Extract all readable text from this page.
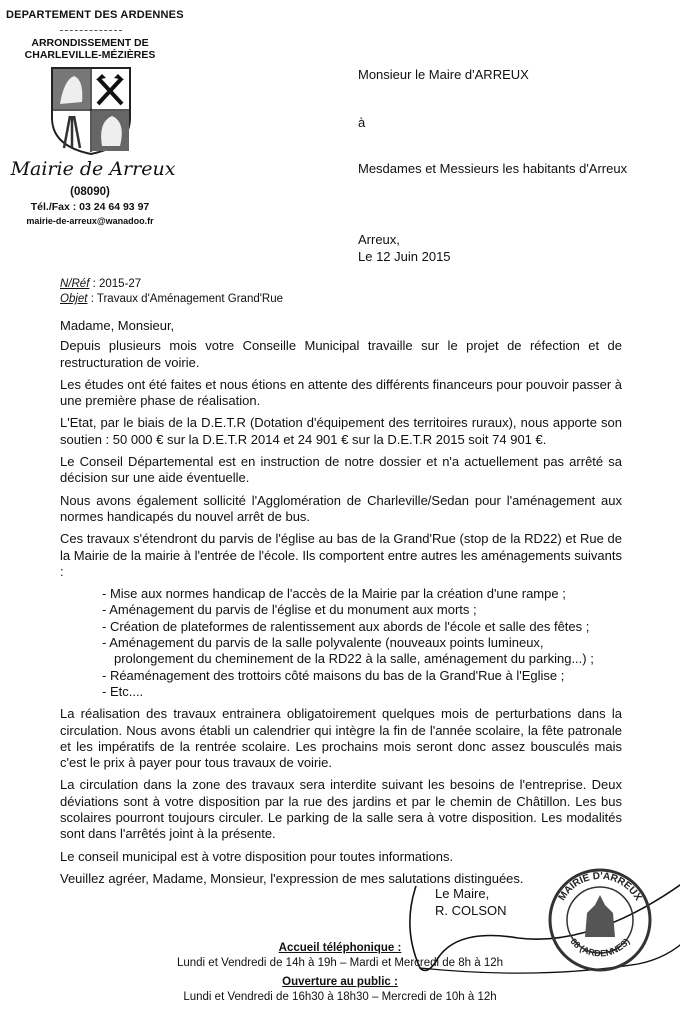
DEPARTEMENT DES ARDENNES
ARRONDISSEMENT DE
CHARLEVILLE-MÉZIÈRES
Mairie de Arreux
(08090)
Tél./Fax : 03 24 64 93 97
mairie-de-arreux@wanadoo.fr
Monsieur le Maire d'ARREUX
à
Mesdames et Messieurs les habitants d'Arreux
Arreux,
Le 12 Juin 2015
N/Réf : 2015-27
Objet : Travaux d'Aménagement Grand'Rue

Madame, Monsieur,

Depuis plusieurs mois votre Conseille Municipal travaille sur le projet de réfection et de restructuration de voirie.

Les études ont été faites et nous étions en attente des différents financeurs pour pouvoir passer à une première phase de réalisation.

L'Etat, par le biais de la D.E.T.R (Dotation d'équipement des territoires ruraux), nous apporte son soutien : 50 000 € sur la D.E.T.R 2014 et 24 901 € sur la D.E.T.R 2015 soit 74 901 €.

Le Conseil Départemental est en instruction de notre dossier et n'a actuellement pas arrêté sa décision sur une aide éventuelle.

Nous avons également sollicité l'Agglomération de Charleville/Sedan pour l'aménagement aux normes handicapés du nouvel arrêt de bus.

Ces travaux s'étendront du parvis de l'église au bas de la Grand'Rue (stop de la RD22) et Rue de la Mairie de la mairie à l'entrée de l'école. Ils comportent entre autres les aménagements suivants :

- Mise aux normes handicap de l'accès de la Mairie par la création d'une rampe ;
- Aménagement du parvis de l'église et du monument aux morts ;
- Création de plateformes de ralentissement aux abords de l'école et salle des fêtes ;
- Aménagement du parvis de la salle polyvalente (nouveaux points lumineux,
prolongement du cheminement de la RD22 à la salle, aménagement du parking...) ;
- Réaménagement des trottoirs côté maisons du bas de la Grand'Rue à l'Eglise ;
- Etc....

La réalisation des travaux entrainera obligatoirement quelques mois de perturbations dans la circulation. Nous avons établi un calendrier qui intègre la fin de l'année scolaire, la fête patronale et les impératifs de la rentrée scolaire. Les prochains mois seront donc assez bousculés mais c'est le prix à payer pour tous travaux de voirie.

La circulation dans la zone des travaux sera interdite suivant les besoins de l'entreprise. Deux déviations sont à votre disposition par la rue des jardins et par le chemin de Châtillon. Les bus scolaires pourront toujours circuler. Le parking de la salle sera à votre disposition. Les modalités sont dans l'arrêtés joint à la présente.

Le conseil municipal est à votre disposition pour toutes informations.

Veuillez agréer, Madame, Monsieur, l'expression de mes salutations distinguées.

Le Maire,
R. COLSON
MAIRIE D'ARREUX
08 (ARDENNES)
Accueil téléphonique :
Lundi et Vendredi de 14h à 19h – Mardi et Mercredi de 8h à 12h
Ouverture au public :
Lundi et Vendredi de 16h30 à 18h30 – Mercredi de 10h à 12h
